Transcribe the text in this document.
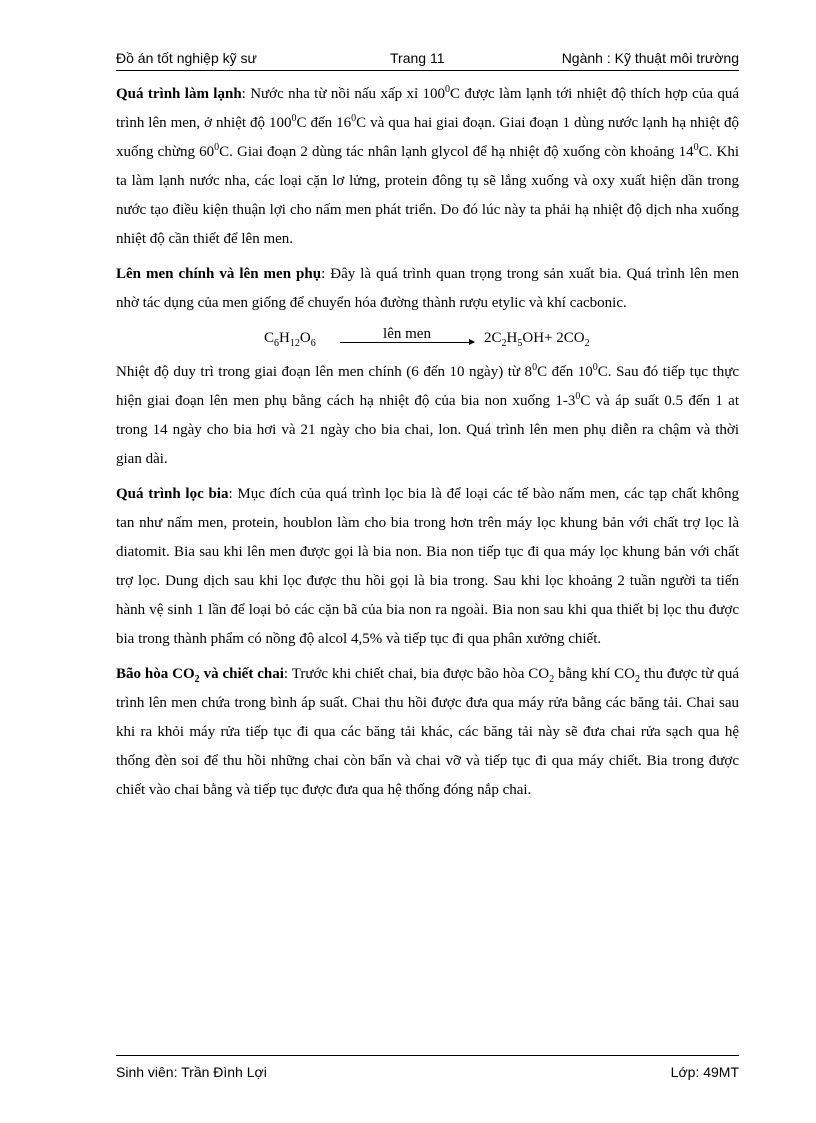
Đồ án tốt nghiệp kỹ sư	Trang 11	Ngành : Kỹ thuật môi trường

Quá trình làm lạnh: Nước nha từ nồi nấu xấp xỉ $100^0C$ được làm lạnh tới nhiệt độ thích hợp của quá trình lên men, ở nhiệt độ $100^0C$ đến $16^0C$ và qua hai giai đoạn. Giai đoạn 1 dùng nước lạnh hạ nhiệt độ xuống chừng $60^0C$. Giai đoạn 2 dùng tác nhân lạnh glycol để hạ nhiệt độ xuống còn khoảng $14^0C$. Khi ta làm lạnh nước nha, các loại cặn lơ lửng, protein đông tụ sẽ lắng xuống và oxy xuất hiện dần trong nước tạo điều kiện thuận lợi cho nấm men phát triển. Do đó lúc này ta phải hạ nhiệt độ dịch nha xuống nhiệt độ cần thiết để lên men.

Lên men chính và lên men phụ: Đây là quá trình quan trọng trong sản xuất bia. Quá trình lên men nhờ tác dụng của men giống để chuyển hóa đường thành rượu etylic và khí cacbonic.

$C_6H_{12}O_6$
lên men	$2C_2H_5OH+ 2CO_2$

Nhiệt độ duy trì trong giai đoạn lên men chính (6 đến 10 ngày) từ $8^0C$ đến $10^0C$. Sau đó tiếp tục thực hiện giai đoạn lên men phụ bằng cách hạ nhiệt độ của bia non xuống $1-3^0C$ và áp suất 0.5 đến 1 at trong 14 ngày cho bia hơi và 21 ngày cho bia chai, lon. Quá trình lên men phụ diễn ra chậm và thời gian dài.

Quá trình lọc bia: Mục đích của quá trình lọc bia là để loại các tế bào nấm men, các tạp chất không tan như nấm men, protein, houblon làm cho bia trong hơn trên máy lọc khung bản với chất trợ lọc là diatomit. Bia sau khi lên men được gọi là bia non. Bia non tiếp tục đi qua máy lọc khung bản với chất trợ lọc. Dung dịch sau khi lọc được thu hồi gọi là bia trong. Sau khi lọc khoảng 2 tuần người ta tiến hành vệ sinh 1 lần để loại bỏ các cặn bã của bia non ra ngoài. Bia non sau khi qua thiết bị lọc thu được bia trong thành phẩm có nồng độ alcol 4,5% và tiếp tục đi qua phân xưởng chiết.

Bão hòa $CO_2$ và chiết chai: Trước khi chiết chai, bia được bão hòa $CO_2$ bằng khí $CO_2$ thu được từ quá trình lên men chứa trong bình áp suất. Chai thu hồi được đưa qua máy rửa bằng các băng tải. Chai sau khi ra khỏi máy rửa tiếp tục đi qua các băng tải khác, các băng tải này sẽ đưa chai rửa sạch qua hệ thống đèn soi để thu hồi những chai còn bẩn và chai vỡ và tiếp tục đi qua máy chiết. Bia trong được chiết vào chai bằng và tiếp tục được đưa qua hệ thống đóng nắp chai.

Sinh viên: Trần Đình Lợi	Lớp: 49MT
